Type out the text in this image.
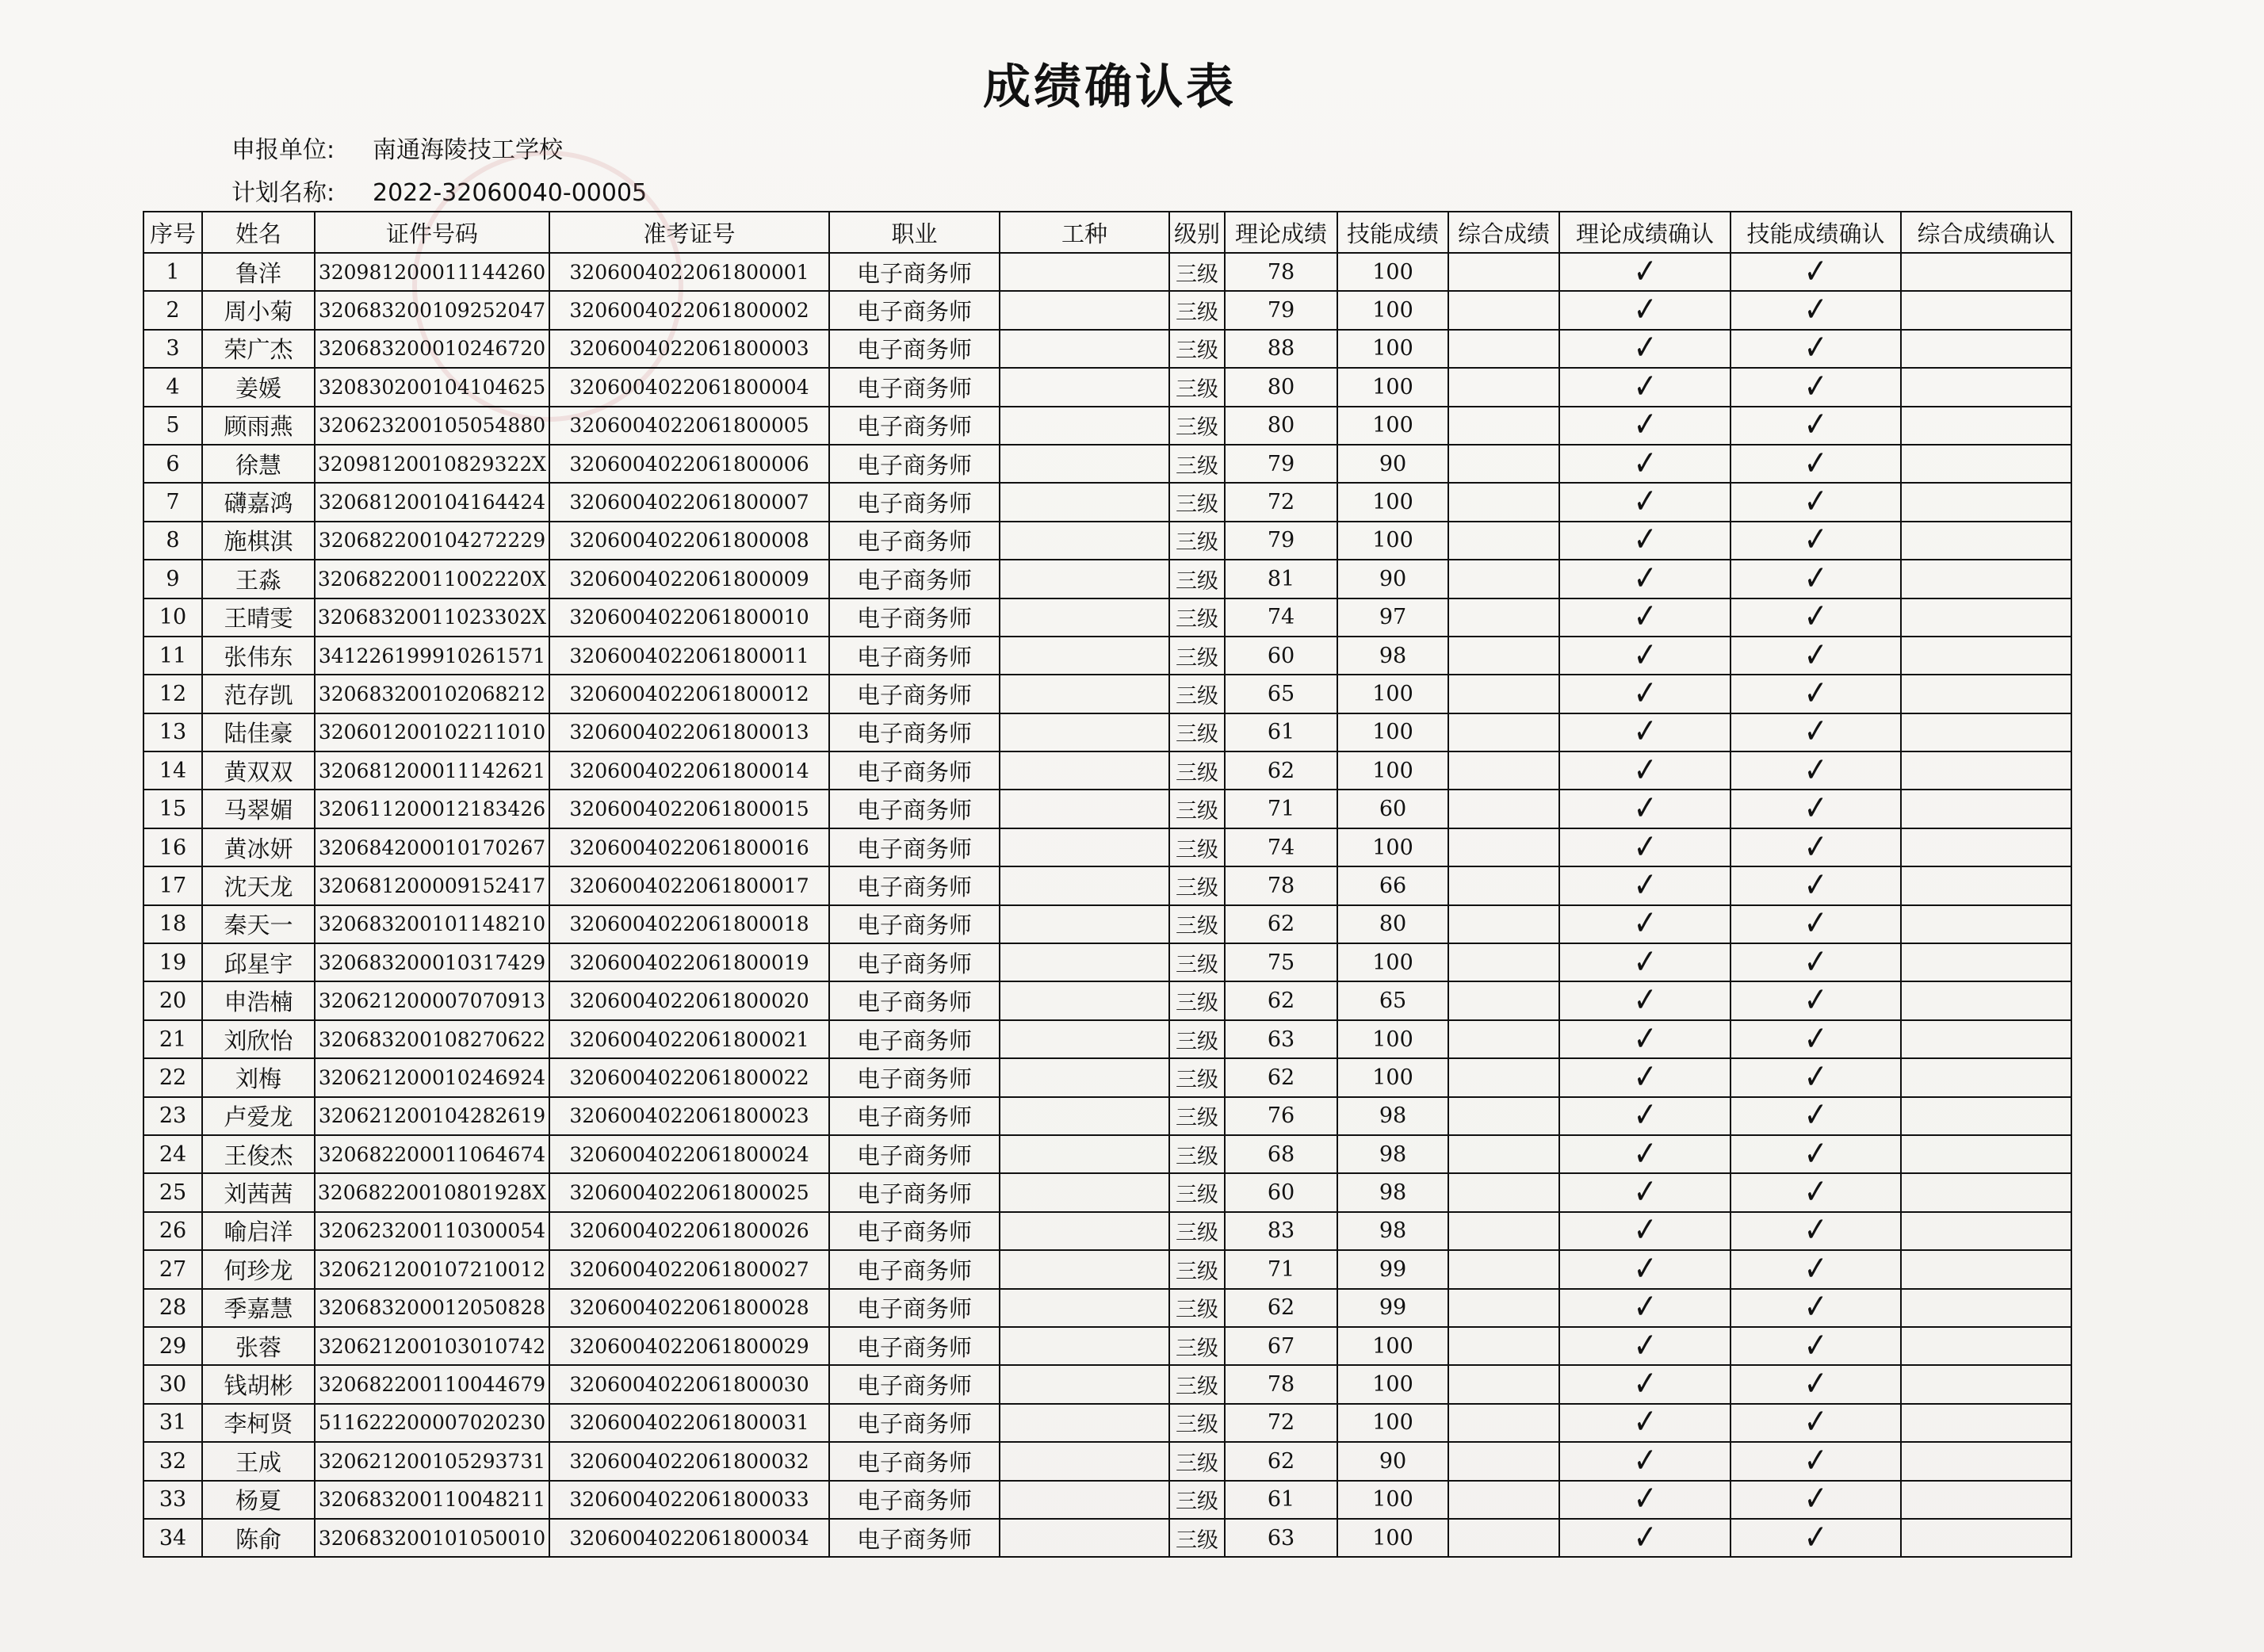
成绩确认表
申报单位: 南通海陵技工学校
计划名称: 2022-32060040-00005
序号	姓名	证件号码	准考证号	职业	工种	级别	理论成绩	技能成绩	综合成绩	理论成绩确认	技能成绩确认	综合成绩确认
1	鲁洋	320981200011144260	3206004022061800001	电子商务师		三级	78	100		✓	✓	
2	周小菊	320683200109252047	3206004022061800002	电子商务师		三级	79	100		✓	✓	
3	荣广杰	320683200010246720	3206004022061800003	电子商务师		三级	88	100		✓	✓	
4	姜媛	320830200104104625	3206004022061800004	电子商务师		三级	80	100		✓	✓	
5	顾雨燕	320623200105054880	3206004022061800005	电子商务师		三级	80	100		✓	✓	
6	徐慧	32098120010829322X	3206004022061800006	电子商务师		三级	79	90		✓	✓	
7	礴嘉鸿	320681200104164424	3206004022061800007	电子商务师		三级	72	100		✓	✓	
8	施棋淇	320682200104272229	3206004022061800008	电子商务师		三级	79	100		✓	✓	
9	王淼	32068220011002220X	3206004022061800009	电子商务师		三级	81	90		✓	✓	
10	王晴雯	32068320011023302X	3206004022061800010	电子商务师		三级	74	97		✓	✓	
11	张伟东	341226199910261571	3206004022061800011	电子商务师		三级	60	98		✓	✓	
12	范存凯	320683200102068212	3206004022061800012	电子商务师		三级	65	100		✓	✓	
13	陆佳豪	320601200102211010	3206004022061800013	电子商务师		三级	61	100		✓	✓	
14	黄双双	320681200011142621	3206004022061800014	电子商务师		三级	62	100		✓	✓	
15	马翠媚	320611200012183426	3206004022061800015	电子商务师		三级	71	60		✓	✓	
16	黄冰妍	320684200010170267	3206004022061800016	电子商务师		三级	74	100		✓	✓	
17	沈天龙	320681200009152417	3206004022061800017	电子商务师		三级	78	66		✓	✓	
18	秦天一	320683200101148210	3206004022061800018	电子商务师		三级	62	80		✓	✓	
19	邱星宇	320683200010317429	3206004022061800019	电子商务师		三级	75	100		✓	✓	
20	申浩楠	320621200007070913	3206004022061800020	电子商务师		三级	62	65		✓	✓	
21	刘欣怡	320683200108270622	3206004022061800021	电子商务师		三级	63	100		✓	✓	
22	刘梅	320621200010246924	3206004022061800022	电子商务师		三级	62	100		✓	✓	
23	卢爱龙	320621200104282619	3206004022061800023	电子商务师		三级	76	98		✓	✓	
24	王俊杰	320682200011064674	3206004022061800024	电子商务师		三级	68	98		✓	✓	
25	刘茜茜	32068220010801928X	3206004022061800025	电子商务师		三级	60	98		✓	✓	
26	喻启洋	320623200110300054	3206004022061800026	电子商务师		三级	83	98		✓	✓	
27	何珍龙	320621200107210012	3206004022061800027	电子商务师		三级	71	99		✓	✓	
28	季嘉慧	320683200012050828	3206004022061800028	电子商务师		三级	62	99		✓	✓	
29	张蓉	320621200103010742	3206004022061800029	电子商务师		三级	67	100		✓	✓	
30	钱胡彬	320682200110044679	3206004022061800030	电子商务师		三级	78	100		✓	✓	
31	李柯贤	511622200007020230	3206004022061800031	电子商务师		三级	72	100		✓	✓	
32	王成	320621200105293731	3206004022061800032	电子商务师		三级	62	90		✓	✓	
33	杨夏	320683200110048211	3206004022061800033	电子商务师		三级	61	100		✓	✓	
34	陈俞	320683200101050010	3206004022061800034	电子商务师		三级	63	100		✓	✓	
